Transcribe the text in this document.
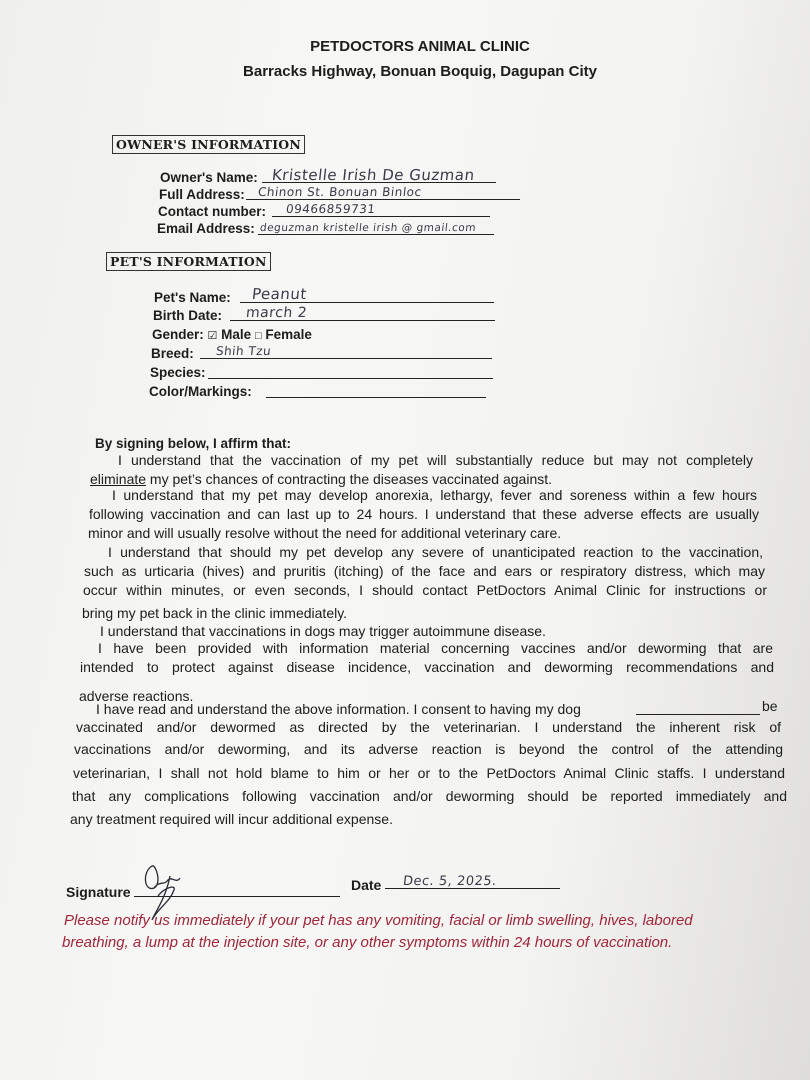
PETDOCTORS ANIMAL CLINIC
Barracks Highway, Bonuan Boquig, Dagupan City
OWNER'S INFORMATION
Owner's Name: Kristelle Irish De Guzman
Full Address:	Chinon St. Bonuan Binloc
Contact number:	09466859731
Email Address: deguzman kristelle irish @ gmail.com
PET'S INFORMATION
Pet's Name:	Peanut
Birth Date:	march 2
Gender: ☑ Male □ Female
Breed:	Shih Tzu
Species:
Color/Markings:
By signing below, I affirm that:
I understand that the vaccination of my pet will substantially reduce but may not completely
eliminate my pet’s chances of contracting the diseases vaccinated against.
I understand that my pet may develop anorexia, lethargy, fever and soreness within a few hours
following vaccination and can last up to 24 hours. I understand that these adverse effects are usually
minor and will usually resolve without the need for additional veterinary care.
I understand that should my pet develop any severe of unanticipated reaction to the vaccination,
such as urticaria (hives) and pruritis (itching) of the face and ears or respiratory distress, which may
occur within minutes, or even seconds, I should contact PetDoctors Animal Clinic for instructions or
bring my pet back in the clinic immediately.
I understand that vaccinations in dogs may trigger autoimmune disease.
I have been provided with information material concerning vaccines and/or deworming that are
intended to protect against disease incidence, vaccination and deworming recommendations and
adverse reactions.
I have read and understand the above information. I consent to having my dog	be
vaccinated and/or dewormed as directed by the veterinarian. I understand the inherent risk of
vaccinations and/or deworming, and its adverse reaction is beyond the control of the attending
veterinarian, I shall not hold blame to him or her or to the PetDoctors Animal Clinic staffs. I understand
that any complications following vaccination and/or deworming should be reported immediately and
any treatment required will incur additional expense.
Signature	Date	Dec. 5, 2025.
Please notify us immediately if your pet has any vomiting, facial or limb swelling, hives, labored
breathing, a lump at the injection site, or any other symptoms within 24 hours of vaccination.
